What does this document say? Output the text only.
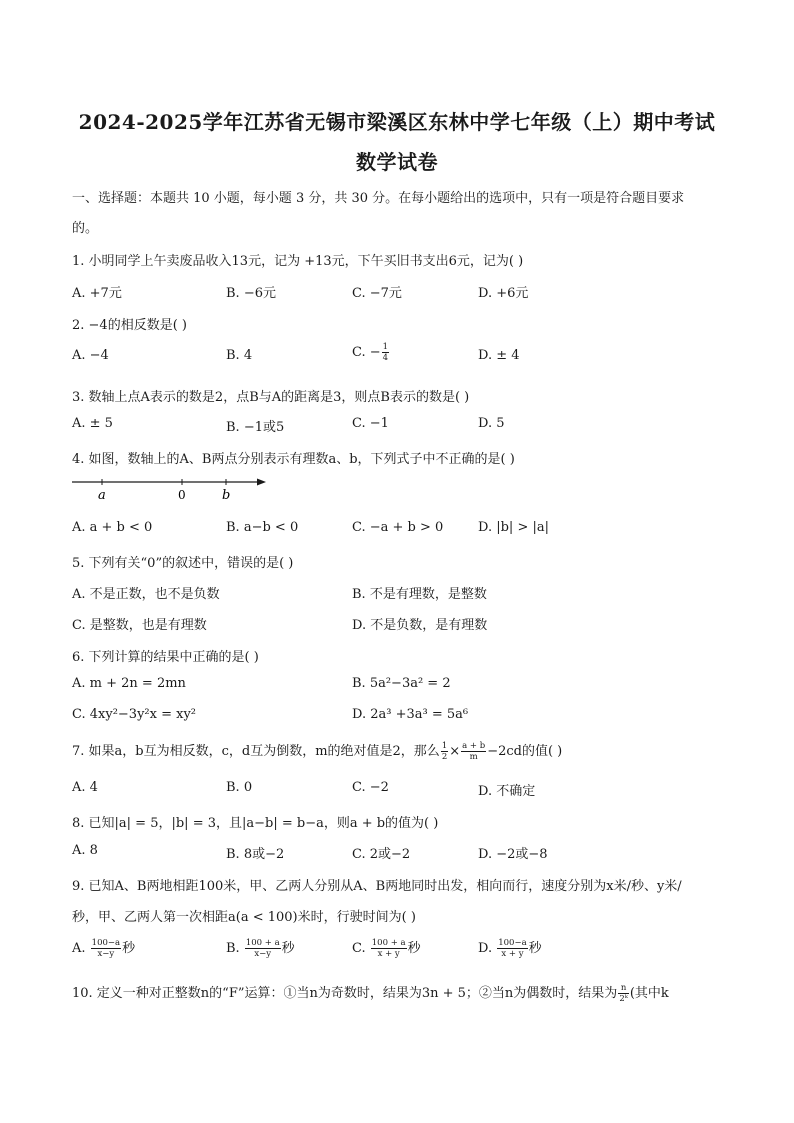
2024-2025学年江苏省无锡市梁溪区东林中学七年级（上）期中考试
数学试卷
一、选择题：本题共 10 小题，每小题 3 分，共 30 分。在每小题给出的选项中，只有一项是符合题目要求
的。
1. 小明同学上午卖废品收入13元，记为 +13元，下午买旧书支出6元，记为( )
A. +7元	B. −6元	C. −7元	D. +6元
2. −4的相反数是( )
A. −4	B. 4	C. − $\frac{1}{4}$	D. ± 4
3. 数轴上点A表示的数是2，点B与A的距离是3，则点B表示的数是( )
A. ± 5	B. −1或5	C. −1	D. 5
4. 如图，数轴上的A、B两点分别表示有理数a、b，下列式子中不正确的是( )
a	0	b
A. a + b < 0	B. a−b < 0	C. −a + b > 0	D. |b| > |a|
5. 下列有关“0”的叙述中，错误的是( )
A. 不是正数，也不是负数	B. 不是有理数，是整数
C. 是整数，也是有理数	D. 不是负数，是有理数
6. 下列计算的结果中正确的是( )
A. m + 2n = 2mn	B. 5a²−3a² = 2
C. 4xy²−3y²x = xy²	D. 2a³ +3a³ = 5a⁶
7. 如果a，b互为相反数，c，d互为倒数，m的绝对值是2，那么 $\frac{1}{2} \times \frac{a + b}{m} -2cd$的值( )
A. 4	B. 0	C. −2	D. 不确定
8. 已知|a| = 5，|b| = 3，且|a−b| = b−a，则a + b的值为( )
A. 8	B. 8或−2	C. 2或−2	D. −2或−8
9. 已知A、B两地相距100米，甲、乙两人分别从A、B两地同时出发，相向而行，速度分别为x米/秒、y米/
秒，甲、乙两人第一次相距a(a < 100)米时，行驶时间为( )
A. $\frac{100-a}{x-y}$ 秒	B. $\frac{100 + a}{x-y}$ 秒	C. $\frac{100 + a}{x + y}$ 秒	D. $\frac{100-a}{x + y}$ 秒
10. 定义一种对正整数n的“F”运算：①当n为奇数时，结果为3n + 5；②当n为偶数时，结果为 $\frac{n}{\text{2ᵏ}}$ (其中k
